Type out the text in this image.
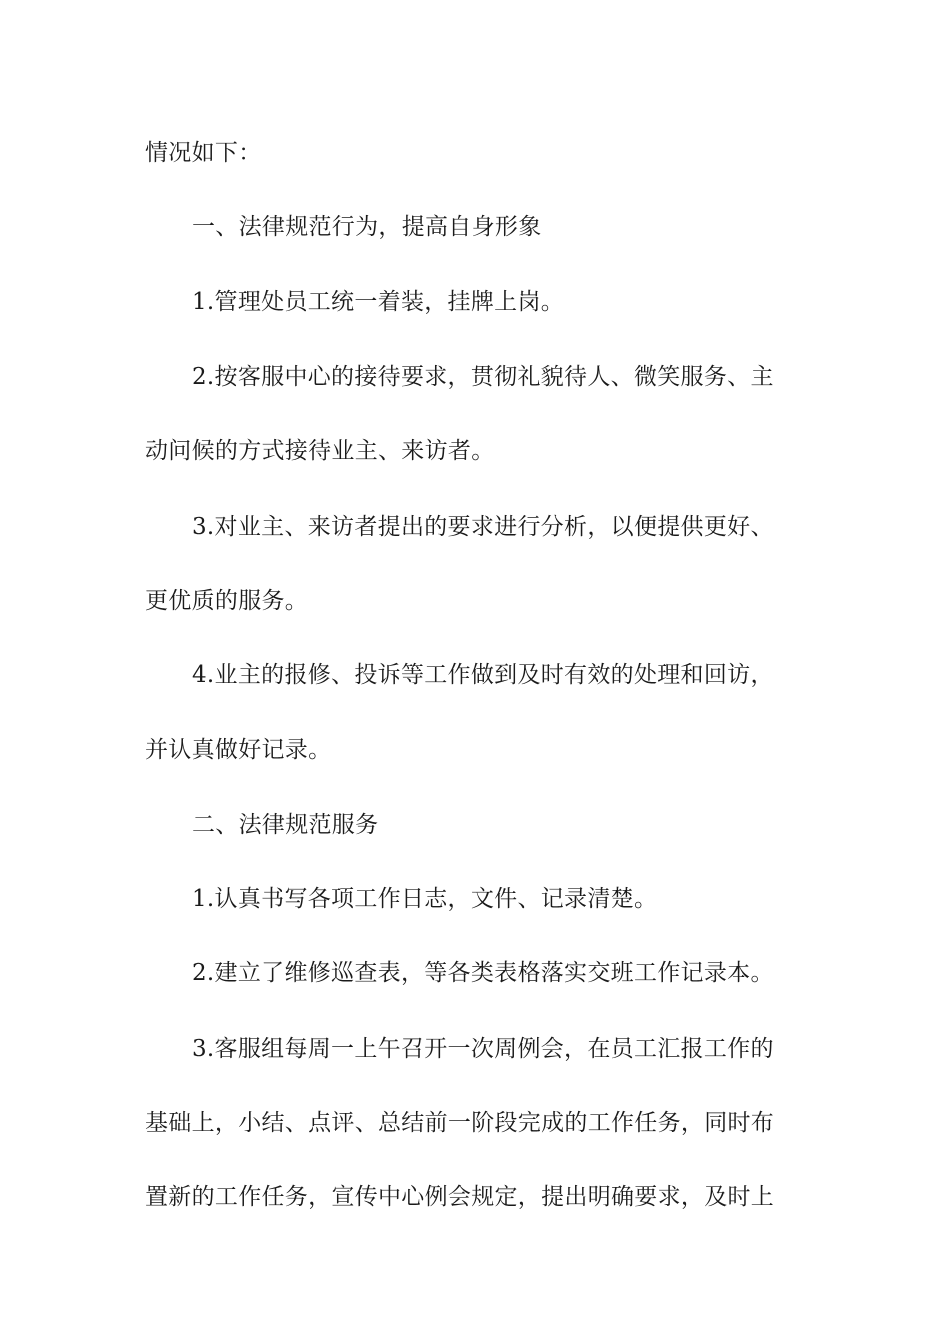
情况如下：
一、法律规范行为，提高自身形象
1.管理处员工统一着装，挂牌上岗。
2.按客服中心的接待要求，贯彻礼貌待人、微笑服务、主
动问候的方式接待业主、来访者。
3.对业主、来访者提出的要求进行分析，以便提供更好、
更优质的服务。
4.业主的报修、投诉等工作做到及时有效的处理和回访，
并认真做好记录。
二、法律规范服务
1.认真书写各项工作日志，文件、记录清楚。
2.建立了维修巡查表，等各类表格落实交班工作记录本。
3.客服组每周一上午召开一次周例会，在员工汇报工作的
基础上，小结、点评、总结前一阶段完成的工作任务，同时布
置新的工作任务，宣传中心例会规定，提出明确要求，及时上
